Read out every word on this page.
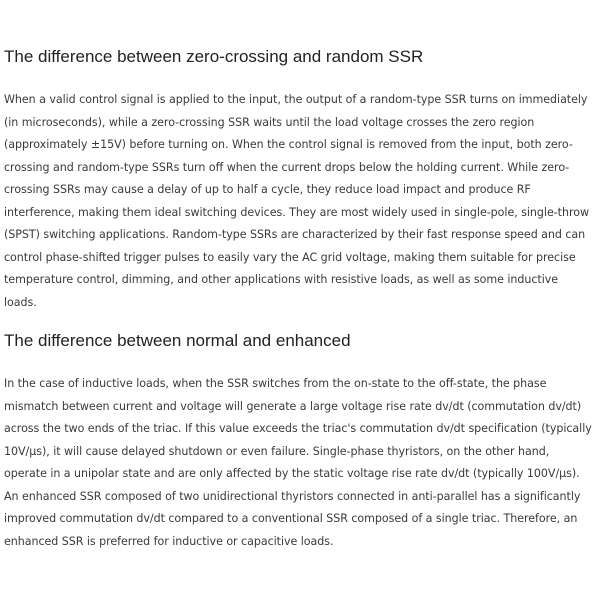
The difference between zero-crossing and random SSR

When a valid control signal is applied to the input, the output of a random-type SSR turns on immediately (in microseconds), while a zero-crossing SSR waits until the load voltage crosses the zero region (approximately ±15V) before turning on. When the control signal is removed from the input, both zero-crossing and random-type SSRs turn off when the current drops below the holding current. While zero-crossing SSRs may cause a delay of up to half a cycle, they reduce load impact and produce RF interference, making them ideal switching devices. They are most widely used in single-pole, single-throw (SPST) switching applications. Random-type SSRs are characterized by their fast response speed and can control phase-shifted trigger pulses to easily vary the AC grid voltage, making them suitable for precise temperature control, dimming, and other applications with resistive loads, as well as some inductive loads.

The difference between normal and enhanced

In the case of inductive loads, when the SSR switches from the on-state to the off-state, the phase mismatch between current and voltage will generate a large voltage rise rate dv/dt (commutation dv/dt) across the two ends of the triac. If this value exceeds the triac's commutation dv/dt specification (typically 10V/μs), it will cause delayed shutdown or even failure. Single-phase thyristors, on the other hand, operate in a unipolar state and are only affected by the static voltage rise rate dv/dt (typically 100V/μs). An enhanced SSR composed of two unidirectional thyristors connected in anti-parallel has a significantly improved commutation dv/dt compared to a conventional SSR composed of a single triac. Therefore, an enhanced SSR is preferred for inductive or capacitive loads.
